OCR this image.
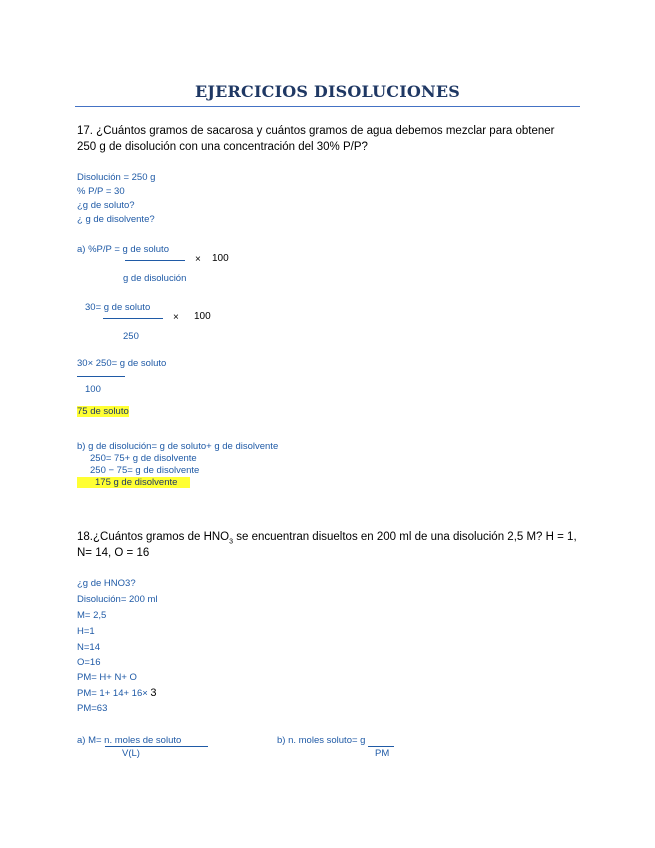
EJERCICIOS DISOLUCIONES
17. ¿Cuántos gramos de sacarosa y cuántos gramos de agua debemos mezclar para obtener
250 g de disolución con una concentración del 30% P/P?
Disolución = 250 g
% P/P = 30
¿g de soluto?
¿ g de disolvente?
a) %P/P = g de soluto
× 100
g de disolución
30= g de soluto
× 100
250
30× 250= g de soluto
100
75 de soluto
b) g de disolución= g de soluto+ g de disolvente
250= 75+ g de disolvente
250 − 75= g de disolvente
175 g de disolvente
18.¿Cuántos gramos de $HNO_3$ se encuentran disueltos en 200 ml de una disolución 2,5 M? H = 1,
N= 14, O = 16
¿g de HNO3?
Disolución= 200 ml
M= 2,5
H=1
N=14
O=16
PM= H+ N+ O
PM= 1+ 14+ 16× 3
PM=63
a) M= n. moles de soluto
V(L)
b) n. moles soluto= g
PM
